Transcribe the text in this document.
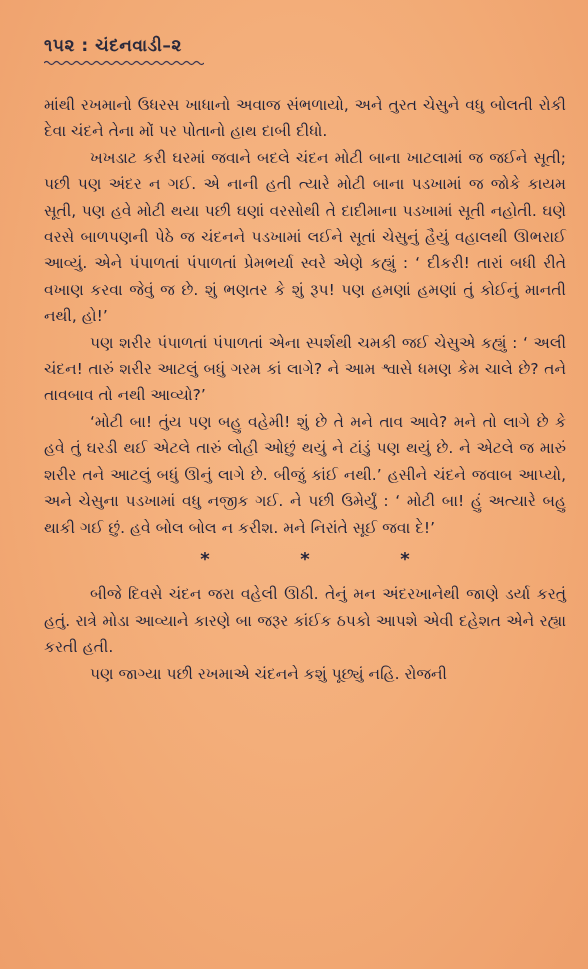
૧૫૨ : ચંદનવાડી–૨

માંથી રખમાનો ઉધરસ ખાધાનો અવાજ સંભળાયો, અને તુરત ચેસુને વધુ બોલતી રોકી દેવા ચંદને તેના મોં પર પોતાનો હાથ દાબી દીધો.

ખખડાટ કરી ઘરમાં જવાને બદલે ચંદન મોટી બાના ખાટલામાં જ જઈને સૂતી; પછી પણ અંદર ન ગઈ. એ નાની હતી ત્યારે મોટી બાના પડખામાં જ જોકે કાયમ સૂતી, પણ હવે મોટી થયા પછી ઘણાં વરસોથી તે દાદીમાના પડખામાં સૂતી નહોતી. ઘણે વરસે બાળપણની પેઠે જ ચંદનને પડખામાં લઈને સૂતાં ચેસુનું હૈયું વહાલથી ઊભરાઈ આવ્યું. એને પંપાળતાં પંપાળતાં પ્રેમભર્યા સ્વરે એણે કહ્યું : ‘ દીકરી! તારાં બધી રીતે વખાણ કરવા જેવું જ છે. શું ભણતર કે શું રૂપ! પણ હમણાં હમણાં તું કોઈનું માનતી નથી, હો!’

પણ શરીર પંપાળતાં પંપાળતાં એના સ્પર્શથી ચમકી જઈ ચેસુએ કહ્યું : ‘ અલી ચંદન! તારું શરીર આટલું બધું ગરમ કાં લાગે? ને આમ શ્વાસે ધમણ કેમ ચાલે છે? તને તાવબાવ તો નથી આવ્યો?’

‘મોટી બા! તુંય પણ બહુ વહેમી! શું છે તે મને તાવ આવે? મને તો લાગે છે કે હવે તું ઘરડી થઈ એટલે તારું લોહી ઓછું થયું ને ટાંડું પણ થયું છે. ને એટલે જ મારું શરીર તને આટલું બધું ઊનું લાગે છે. બીજું કાંઈ નથી.’ હસીને ચંદને જવાબ આપ્યો, અને ચેસુના પડખામાં વધુ નજીક ગઈ. ને પછી ઉમેર્યું : ‘ મોટી બા! હું અત્યારે બહુ થાકી ગઈ છું. હવે બોલ બોલ ન કરીશ. મને નિરાંતે સૂઈ જવા દે!’

*	*	*

બીજે દિવસે ચંદન જરા વહેલી ઊઠી. તેનું મન અંદરખાનેથી જાણે ડર્યા કરતું હતું. રાત્રે મોડા આવ્યાને કારણે બા જરૂર કાંઈક ઠપકો આપશે એવી દહેશત એને રહ્યા કરતી હતી.

પણ જાગ્યા પછી રખમાએ ચંદનને કશું પૂછ્યું નહિ. રોજની
